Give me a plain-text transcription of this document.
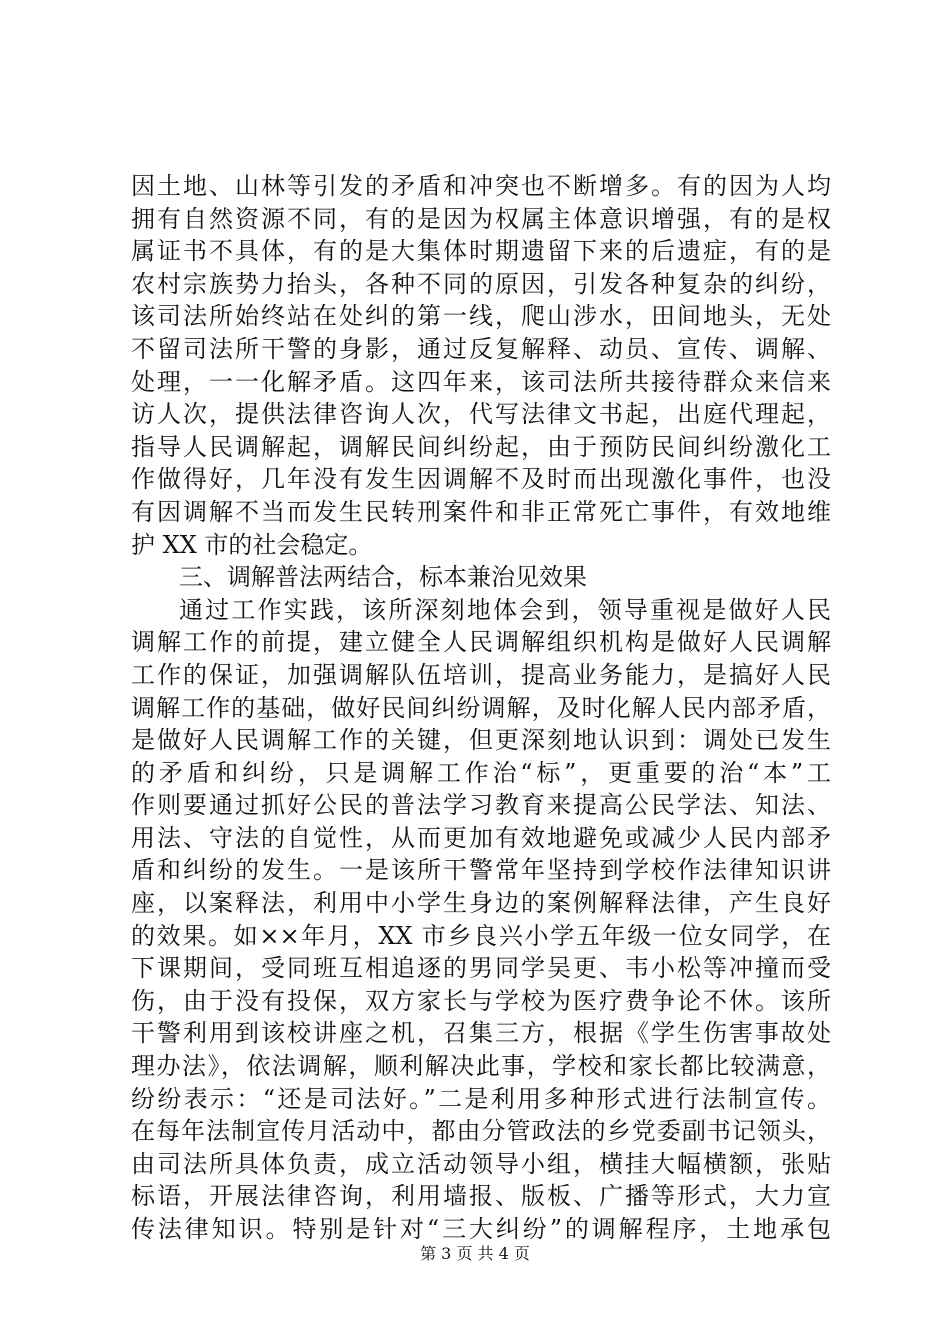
因土地、山林等引发的矛盾和冲突也不断增多。有的因为人均
拥有自然资源不同，有的是因为权属主体意识增强，有的是权
属证书不具体，有的是大集体时期遗留下来的后遗症，有的是
农村宗族势力抬头，各种不同的原因，引发各种复杂的纠纷，
该司法所始终站在处纠的第一线，爬山涉水，田间地头，无处
不留司法所干警的身影，通过反复解释、动员、宣传、调解、
处理，一一化解矛盾。这四年来，该司法所共接待群众来信来
访人次，提供法律咨询人次，代写法律文书起，出庭代理起，
指导人民调解起，调解民间纠纷起，由于预防民间纠纷激化工
作做得好，几年没有发生因调解不及时而出现激化事件，也没
有因调解不当而发生民转刑案件和非正常死亡事件，有效地维
护 XX 市的社会稳定。
三、调解普法两结合，标本兼治见效果
通过工作实践，该所深刻地体会到，领导重视是做好人民
调解工作的前提，建立健全人民调解组织机构是做好人民调解
工作的保证，加强调解队伍培训，提高业务能力，是搞好人民
调解工作的基础，做好民间纠纷调解，及时化解人民内部矛盾，
是做好人民调解工作的关键，但更深刻地认识到：调处已发生
的矛盾和纠纷，只是调解工作治“标”，更重要的治“本”工
作则要通过抓好公民的普法学习教育来提高公民学法、知法、
用法、守法的自觉性，从而更加有效地避免或减少人民内部矛
盾和纠纷的发生。一是该所干警常年坚持到学校作法律知识讲
座，以案释法，利用中小学生身边的案例解释法律，产生良好
的效果。如××年月，XX 市乡良兴小学五年级一位女同学，在
下课期间，受同班互相追逐的男同学吴更、韦小松等冲撞而受
伤，由于没有投保，双方家长与学校为医疗费争论不休。该所
干警利用到该校讲座之机，召集三方，根据《学生伤害事故处
理办法》，依法调解，顺利解决此事，学校和家长都比较满意，
纷纷表示：“还是司法好。”二是利用多种形式进行法制宣传。
在每年法制宣传月活动中，都由分管政法的乡党委副书记领头，
由司法所具体负责，成立活动领导小组，横挂大幅横额，张贴
标语，开展法律咨询，利用墙报、版板、广播等形式，大力宣
传法律知识。特别是针对“三大纠纷”的调解程序，土地承包
第 3 页 共 4 页
